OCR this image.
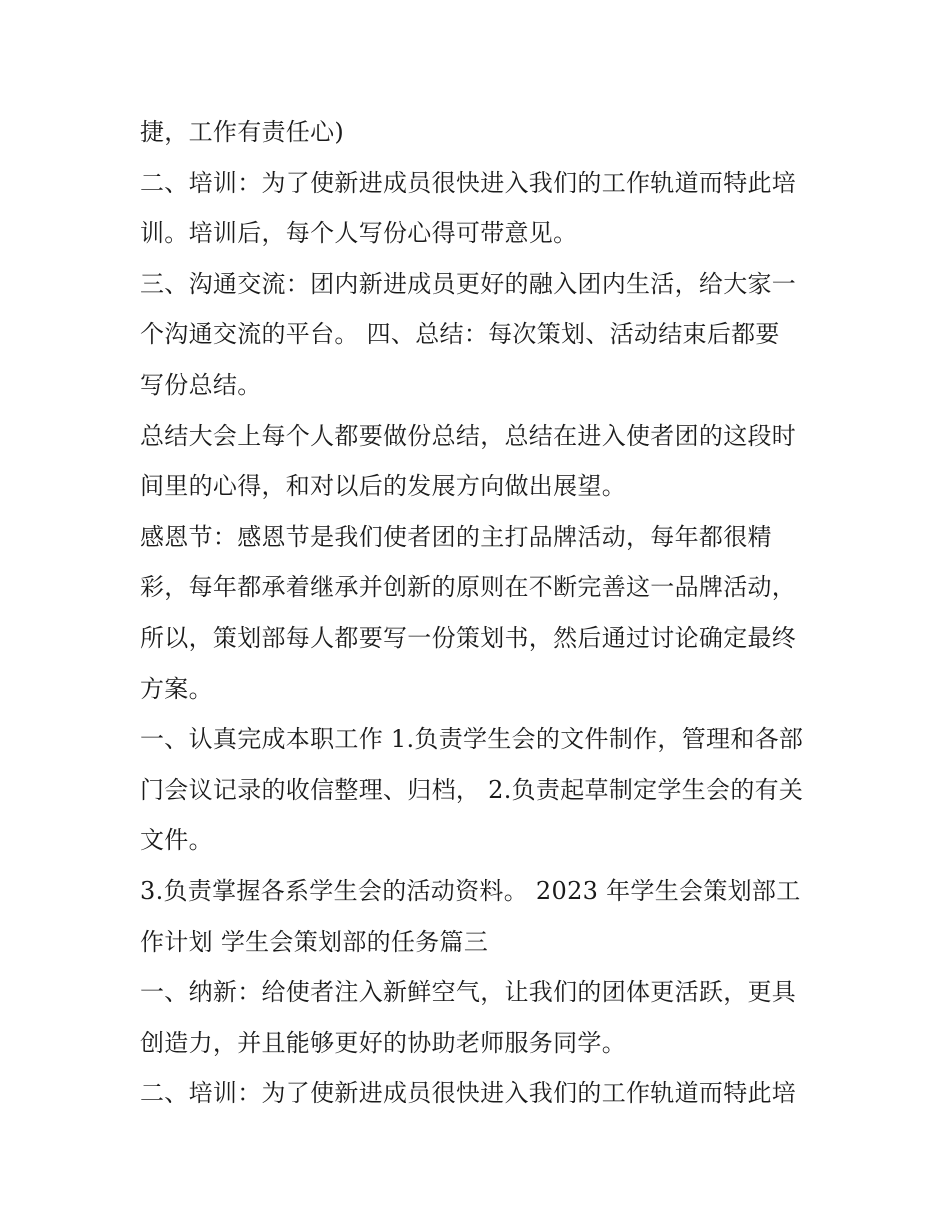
捷，工作有责任心)
二、培训：为了使新进成员很快进入我们的工作轨道而特此培
训。培训后，每个人写份心得可带意见。
三、沟通交流：团内新进成员更好的融入团内生活，给大家一
个沟通交流的平台。 四、总结：每次策划、活动结束后都要
写份总结。
总结大会上每个人都要做份总结，总结在进入使者团的这段时
间里的心得，和对以后的发展方向做出展望。
感恩节：感恩节是我们使者团的主打品牌活动，每年都很精
彩，每年都承着继承并创新的原则在不断完善这一品牌活动，
所以，策划部每人都要写一份策划书，然后通过讨论确定最终
方案。
一、认真完成本职工作 1.负责学生会的文件制作，管理和各部
门会议记录的收信整理、归档， 2.负责起草制定学生会的有关
文件。
3.负责掌握各系学生会的活动资料。 2023 年学生会策划部工
作计划 学生会策划部的任务篇三
一、纳新：给使者注入新鲜空气，让我们的团体更活跃，更具
创造力，并且能够更好的协助老师服务同学。
二、培训：为了使新进成员很快进入我们的工作轨道而特此培
